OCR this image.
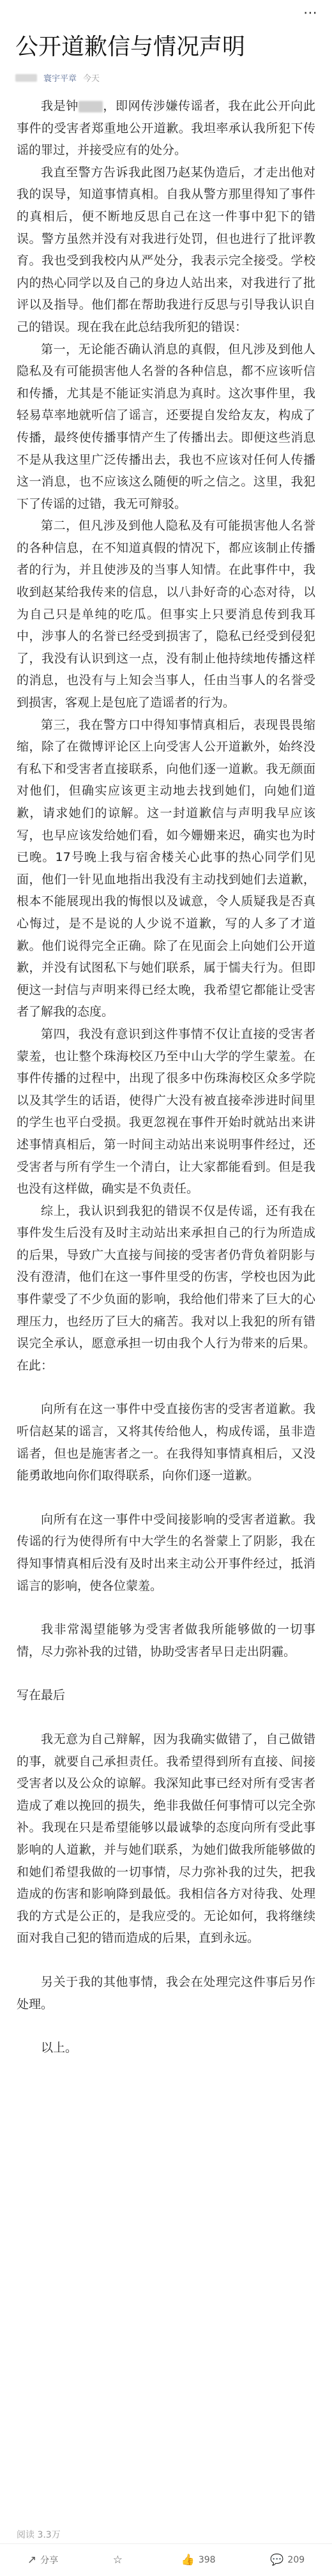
⋯
公开道歉信与情况声明
寰宇平章 今天

我是钟 ，即网传涉嫌传谣者，我在此公开向此事件的受害者郑重地公开道歉。我坦率承认我所犯下传谣的罪过，并接受应有的处分。

我直至警方告诉我此图乃赵某伪造后，才走出他对我的误导，知道事情真相。自我从警方那里得知了事件的真相后，便不断地反思自己在这一件事中犯下的错误。警方虽然并没有对我进行处罚，但也进行了批评教育。我也受到我校内从严处分，我表示完全接受。学校内的热心同学以及自己的身边人站出来，对我进行了批评以及指导。他们都在帮助我进行反思与引导我认识自己的错误。现在我在此总结我所犯的错误：

第一，无论能否确认消息的真假，但凡涉及到他人隐私及有可能损害他人名誉的各种信息，都不应该听信和传播，尤其是不能证实消息为真时。这次事件里，我轻易草率地就听信了谣言，还要提自发给友友，构成了传播，最终使传播事情产生了传播出去。即便这些消息不是从我这里广泛传播出去，我也不应该对任何人传播这一消息，也不应该这么随便的听之信之。这里，我犯下了传谣的过错，我无可辩驳。

第二，但凡涉及到他人隐私及有可能损害他人名誉的各种信息，在不知道真假的情况下，都应该制止传播者的行为，并且使涉及的当事人知情。在此事件中，我收到赵某给我传来的信息，以八卦好奇的心态对待，以为自己只是单纯的吃瓜。但事实上只要消息传到我耳中，涉事人的名誉已经受到损害了，隐私已经受到侵犯了，我没有认识到这一点，没有制止他持续地传播这样的消息，也没有与上知会当事人，任由当事人的名誉受到损害，客观上是包庇了造谣者的行为。

第三，我在警方口中得知事情真相后，表现畏畏缩缩，除了在微博评论区上向受害人公开道歉外，始终没有私下和受害者直接联系，向他们逐一道歉。我无颜面对他们，但确实应该更主动地去找到她们，向她们道歉，请求她们的谅解。这一封道歉信与声明我早应该写，也早应该发给她们看，如今姗姗来迟，确实也为时已晚。17号晚上我与宿舍楼关心此事的热心同学们见面，他们一针见血地指出我没有主动找到她们去道歉，根本不能展现出我的悔恨以及诚意，令人质疑我是否真心悔过，是不是说的人少说不道歉，写的人多了才道歉。他们说得完全正确。除了在见面会上向她们公开道歉，并没有试图私下与她们联系，属于懦夫行为。但即便这一封信与声明来得已经太晚，我希望它都能让受害者了解我的态度。

第四，我没有意识到这件事情不仅让直接的受害者蒙羞，也让整个珠海校区乃至中山大学的学生蒙羞。在事件传播的过程中，出现了很多中伤珠海校区众多学院以及其学生的话语，使得广大没有被直接牵涉进时间里的学生也平白受损。我更忽视在事件开始时就站出来讲述事情真相后，第一时间主动站出来说明事件经过，还受害者与所有学生一个清白，让大家都能看到。但是我也没有这样做，确实是不负责任。

综上，我认识到我犯的错误不仅是传谣，还有我在事件发生后没有及时主动站出来承担自己的行为所造成的后果，导致广大直接与间接的受害者仍背负着阴影与没有澄清，他们在这一事件里受的伤害，学校也因为此事件蒙受了不少负面的影响，我给他们带来了巨大的心理压力，也经历了巨大的痛苦。我对以上我犯的所有错误完全承认，愿意承担一切由我个人行为带来的后果。在此：

向所有在这一事件中受直接伤害的受害者道歉。我听信赵某的谣言，又将其传给他人，构成传谣，虽非造谣者，但也是施害者之一。在我得知事情真相后，又没能勇敢地向你们取得联系，向你们逐一道歉。

向所有在这一事件中受间接影响的受害者道歉。我传谣的行为使得所有中大学生的名誉蒙上了阴影，我在得知事情真相后没有及时出来主动公开事件经过，抵消谣言的影响，使各位蒙羞。

我非常渴望能够为受害者做我所能够做的一切事情，尽力弥补我的过错，协助受害者早日走出阴霾。

写在最后

我无意为自己辩解，因为我确实做错了，自己做错的事，就要自己承担责任。我希望得到所有直接、间接受害者以及公众的谅解。我深知此事已经对所有受害者造成了难以挽回的损失，绝非我做任何事情可以完全弥补。我现在只是希望能够以最诚挚的态度向所有受此事影响的人道歉，并与她们联系，为她们做我所能够做的和她们希望我做的一切事情，尽力弥补我的过失，把我造成的伤害和影响降到最低。我相信各方对待我、处理我的方式是公正的，是我应受的。无论如何，我将继续面对我自己犯的错而造成的后果，直到永远。

另关于我的其他事情，我会在处理完这件事后另作处理。

以上。

阅读 3.3万
↗ 分享	☆	👍 398	💬 209
